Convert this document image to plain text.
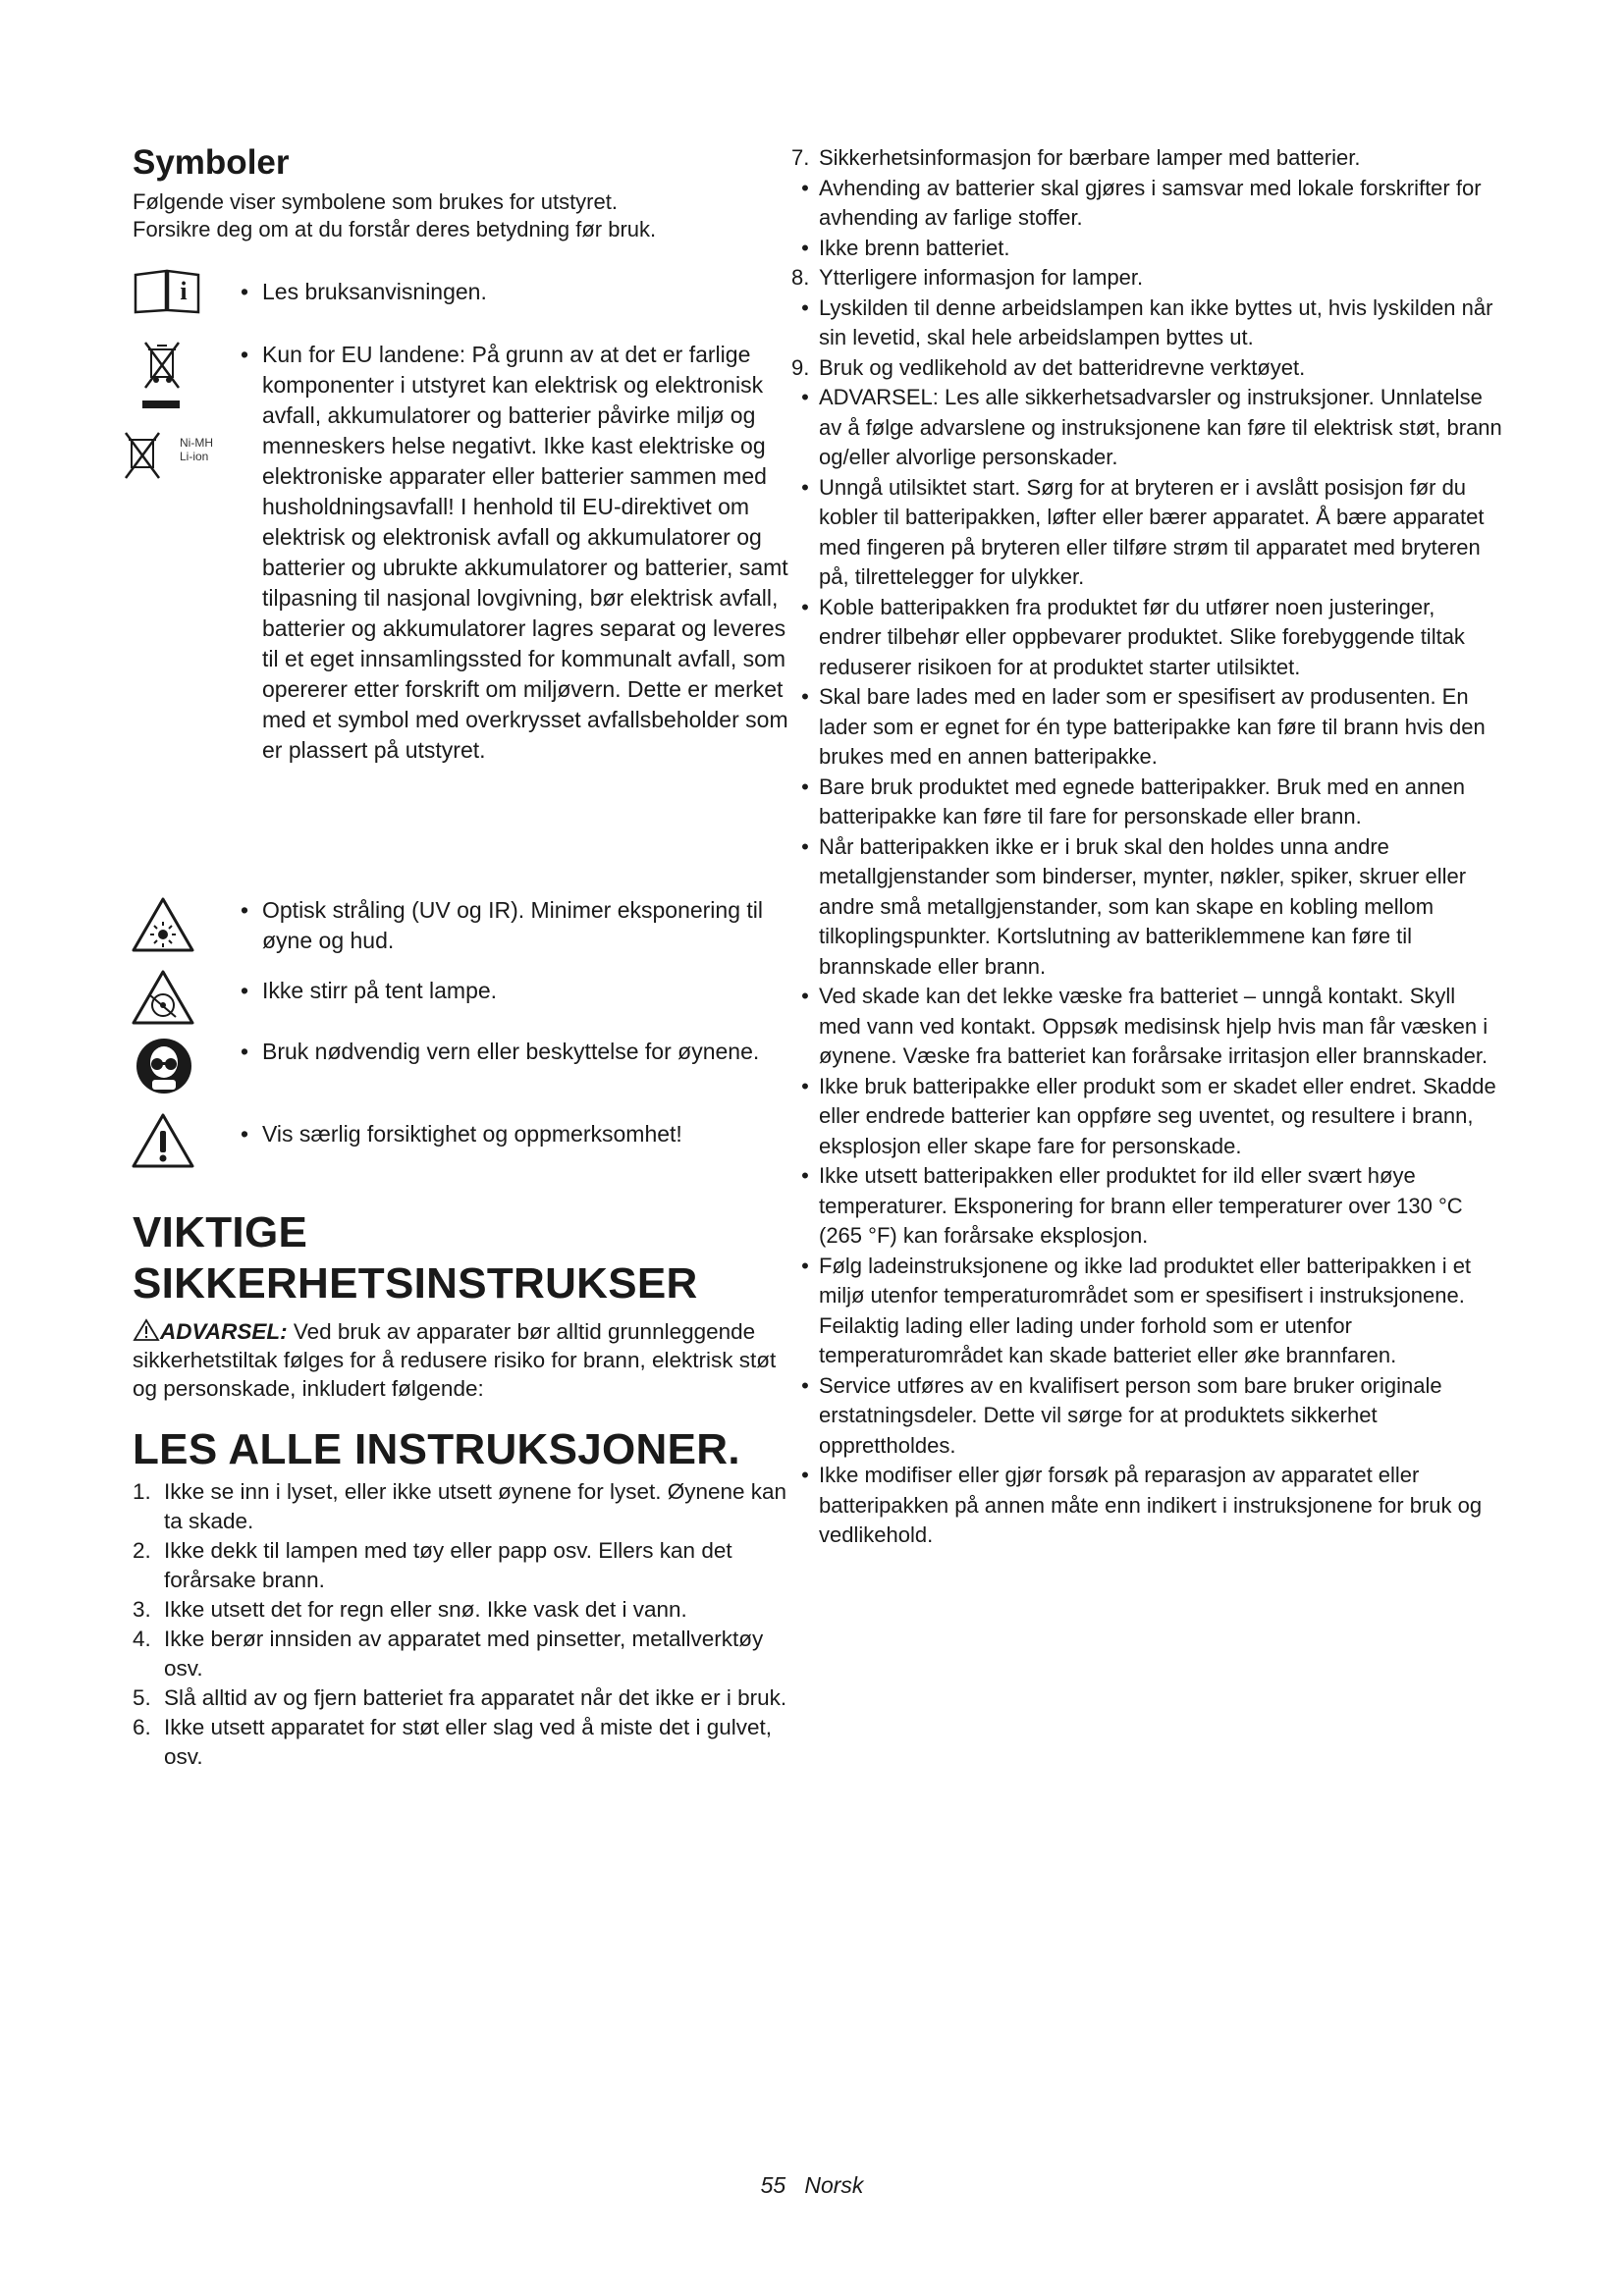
Symboler

Følgende viser symbolene som brukes for utstyret.

Forsikre deg om at du forstår deres betydning før bruk.

i • Les bruksanvisningen.
Ni-MH
Li-ion
• Kun for EU landene: På grunn av at det er farlige komponenter i utstyret kan elektrisk og elektronisk avfall, akkumulatorer og batterier påvirke miljø og menneskers helse negativt. Ikke kast elektriske og elektroniske apparater eller batterier sammen med husholdningsavfall! I henhold til EU-direktivet om elektrisk og elektronisk avfall og akkumulatorer og batterier og ubrukte akkumulatorer og batterier, samt tilpasning til nasjonal lovgivning, bør elektrisk avfall, batterier og akkumulatorer lagres separat og leveres til et eget innsamlingssted for kommunalt avfall, som opererer etter forskrift om miljøvern. Dette er merket med et symbol med overkrysset avfallsbeholder som er plassert på utstyret.
• Optisk stråling (UV og IR). Minimer eksponering til øyne og hud.
• Ikke stirr på tent lampe.
• Bruk nødvendig vern eller beskyttelse for øynene.
• Vis særlig forsiktighet og oppmerksomhet!
VIKTIGE SIKKERHETSINSTRUKSER

ADVARSEL: Ved bruk av apparater bør alltid grunnleggende sikkerhetstiltak følges for å redusere risiko for brann, elektrisk støt og personskade, inkludert følgende:

LES ALLE INSTRUKSJONER.
1. Ikke se inn i lyset, eller ikke utsett øynene for lyset. Øynene kan ta skade.
2. Ikke dekk til lampen med tøy eller papp osv. Ellers kan det forårsake brann.
3. Ikke utsett det for regn eller snø. Ikke vask det i vann.
4. Ikke berør innsiden av apparatet med pinsetter, metallverktøy osv.
5. Slå alltid av og fjern batteriet fra apparatet når det ikke er i bruk.
6. Ikke utsett apparatet for støt eller slag ved å miste det i gulvet, osv.
7. Sikkerhetsinformasjon for bærbare lamper med batterier.
• Avhending av batterier skal gjøres i samsvar med lokale forskrifter for avhending av farlige stoffer.
• Ikke brenn batteriet.
8. Ytterligere informasjon for lamper.
• Lyskilden til denne arbeidslampen kan ikke byttes ut, hvis lyskilden når sin levetid, skal hele arbeidslampen byttes ut.
9. Bruk og vedlikehold av det batteridrevne verktøyet.
• ADVARSEL: Les alle sikkerhetsadvarsler og instruksjoner. Unnlatelse av å følge advarslene og instruksjonene kan føre til elektrisk støt, brann og/eller alvorlige personskader.
• Unngå utilsiktet start. Sørg for at bryteren er i avslått posisjon før du kobler til batteripakken, løfter eller bærer apparatet. Å bære apparatet med fingeren på bryteren eller tilføre strøm til apparatet med bryteren på, tilrettelegger for ulykker.
• Koble batteripakken fra produktet før du utfører noen justeringer, endrer tilbehør eller oppbevarer produktet. Slike forebyggende tiltak reduserer risikoen for at produktet starter utilsiktet.
• Skal bare lades med en lader som er spesifisert av produsenten. En lader som er egnet for én type batteripakke kan føre til brann hvis den brukes med en annen batteripakke.
• Bare bruk produktet med egnede batteripakker. Bruk med en annen batteripakke kan føre til fare for personskade eller brann.
• Når batteripakken ikke er i bruk skal den holdes unna andre metallgjenstander som binderser, mynter, nøkler, spiker, skruer eller andre små metallgjenstander, som kan skape en kobling mellom tilkoplingspunkter. Kortslutning av batteriklemmene kan føre til brannskade eller brann.
• Ved skade kan det lekke væske fra batteriet – unngå kontakt. Skyll med vann ved kontakt. Oppsøk medisinsk hjelp hvis man får væsken i øynene. Væske fra batteriet kan forårsake irritasjon eller brannskader.
• Ikke bruk batteripakke eller produkt som er skadet eller endret. Skadde eller endrede batterier kan oppføre seg uventet, og resultere i brann, eksplosjon eller skape fare for personskade.
• Ikke utsett batteripakken eller produktet for ild eller svært høye temperaturer. Eksponering for brann eller temperaturer over 130 °C (265 °F) kan forårsake eksplosjon.
• Følg ladeinstruksjonene og ikke lad produktet eller batteripakken i et miljø utenfor temperaturområdet som er spesifisert i instruksjonene. Feilaktig lading eller lading under forhold som er utenfor temperaturområdet kan skade batteriet eller øke brannfaren.
• Service utføres av en kvalifisert person som bare bruker originale erstatningsdeler. Dette vil sørge for at produktets sikkerhet opprettholdes.
• Ikke modifiser eller gjør forsøk på reparasjon av apparatet eller batteripakken på annen måte enn indikert i instruksjonene for bruk og vedlikehold.
55 Norsk
